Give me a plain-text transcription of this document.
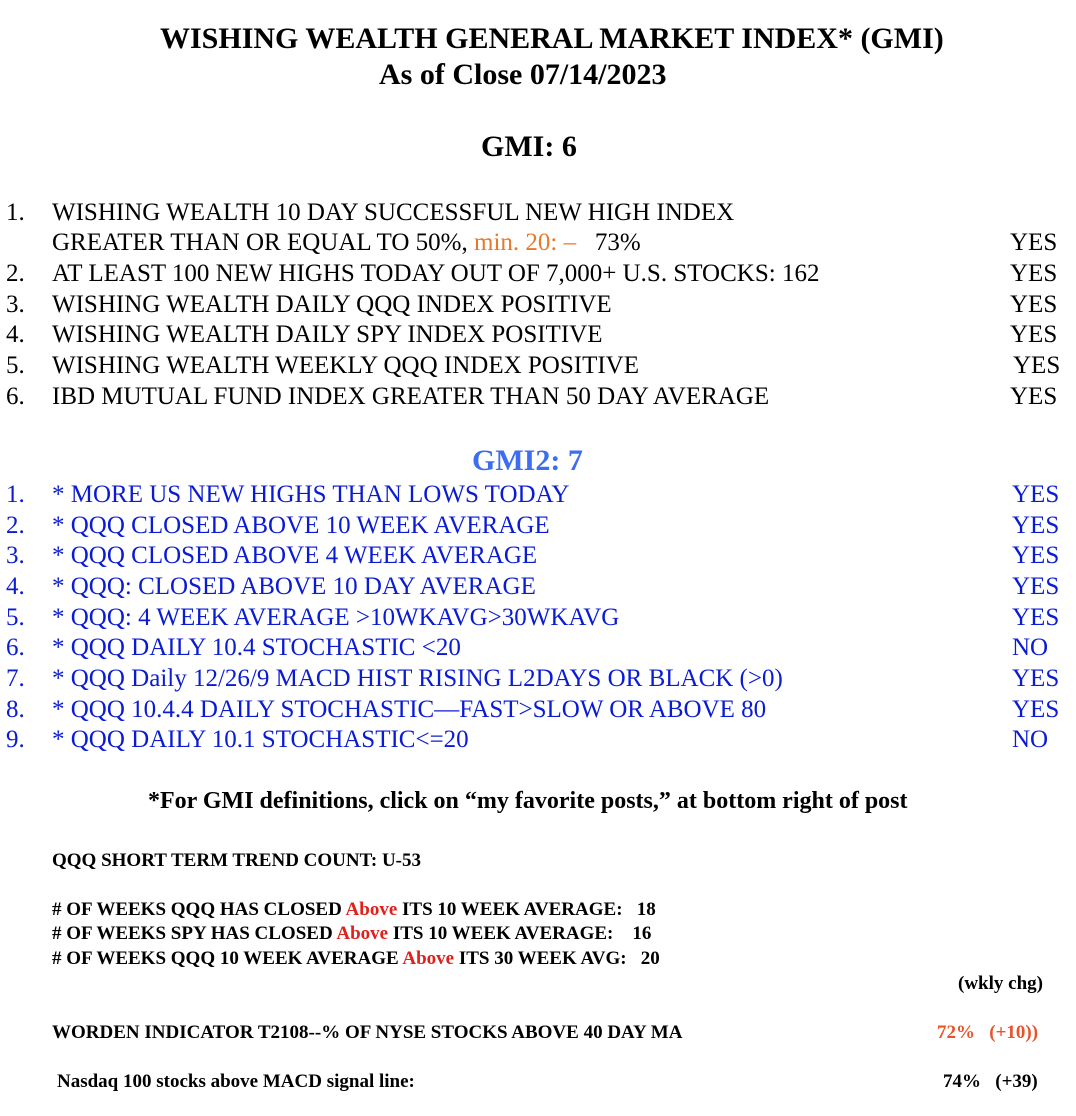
WISHING WEALTH GENERAL MARKET INDEX* (GMI)
As of Close 07/14/2023
GMI: 6
1. WISHING WEALTH 10 DAY SUCCESSFUL NEW HIGH INDEX
GREATER THAN OR EQUAL TO 50%, min. 20: – 73%	YES
2. AT LEAST 100 NEW HIGHS TODAY OUT OF 7,000+ U.S. STOCKS: 162	YES
3. WISHING WEALTH DAILY QQQ INDEX POSITIVE	YES
4. WISHING WEALTH DAILY SPY INDEX POSITIVE	YES
5. WISHING WEALTH WEEKLY QQQ INDEX POSITIVE	YES
6. IBD MUTUAL FUND INDEX GREATER THAN 50 DAY AVERAGE	YES
GMI2: 7
1. * MORE US NEW HIGHS THAN LOWS TODAY	YES
2. * QQQ CLOSED ABOVE 10 WEEK AVERAGE	YES
3. * QQQ CLOSED ABOVE 4 WEEK AVERAGE	YES
4. * QQQ: CLOSED ABOVE 10 DAY AVERAGE	YES
5. * QQQ: 4 WEEK AVERAGE >10WKAVG>30WKAVG	YES
6. * QQQ DAILY 10.4 STOCHASTIC <20	NO
7. * QQQ Daily 12/26/9 MACD HIST RISING L2DAYS OR BLACK (>0)	YES
8. * QQQ 10.4.4 DAILY STOCHASTIC—FAST>SLOW OR ABOVE 80	YES
9. * QQQ DAILY 10.1 STOCHASTIC<=20	NO
*For GMI definitions, click on “my favorite posts,” at bottom right of post
QQQ SHORT TERM TREND COUNT: U-53
# OF WEEKS QQQ HAS CLOSED Above ITS 10 WEEK AVERAGE:   18
# OF WEEKS SPY HAS CLOSED Above ITS 10 WEEK AVERAGE:    16
# OF WEEKS QQQ 10 WEEK AVERAGE Above ITS 30 WEEK AVG:   20
(wkly chg)
WORDEN INDICATOR T2108--% OF NYSE STOCKS ABOVE 40 DAY MA	72%   (+10))
Nasdaq 100 stocks above MACD signal line:	74%   (+39)
